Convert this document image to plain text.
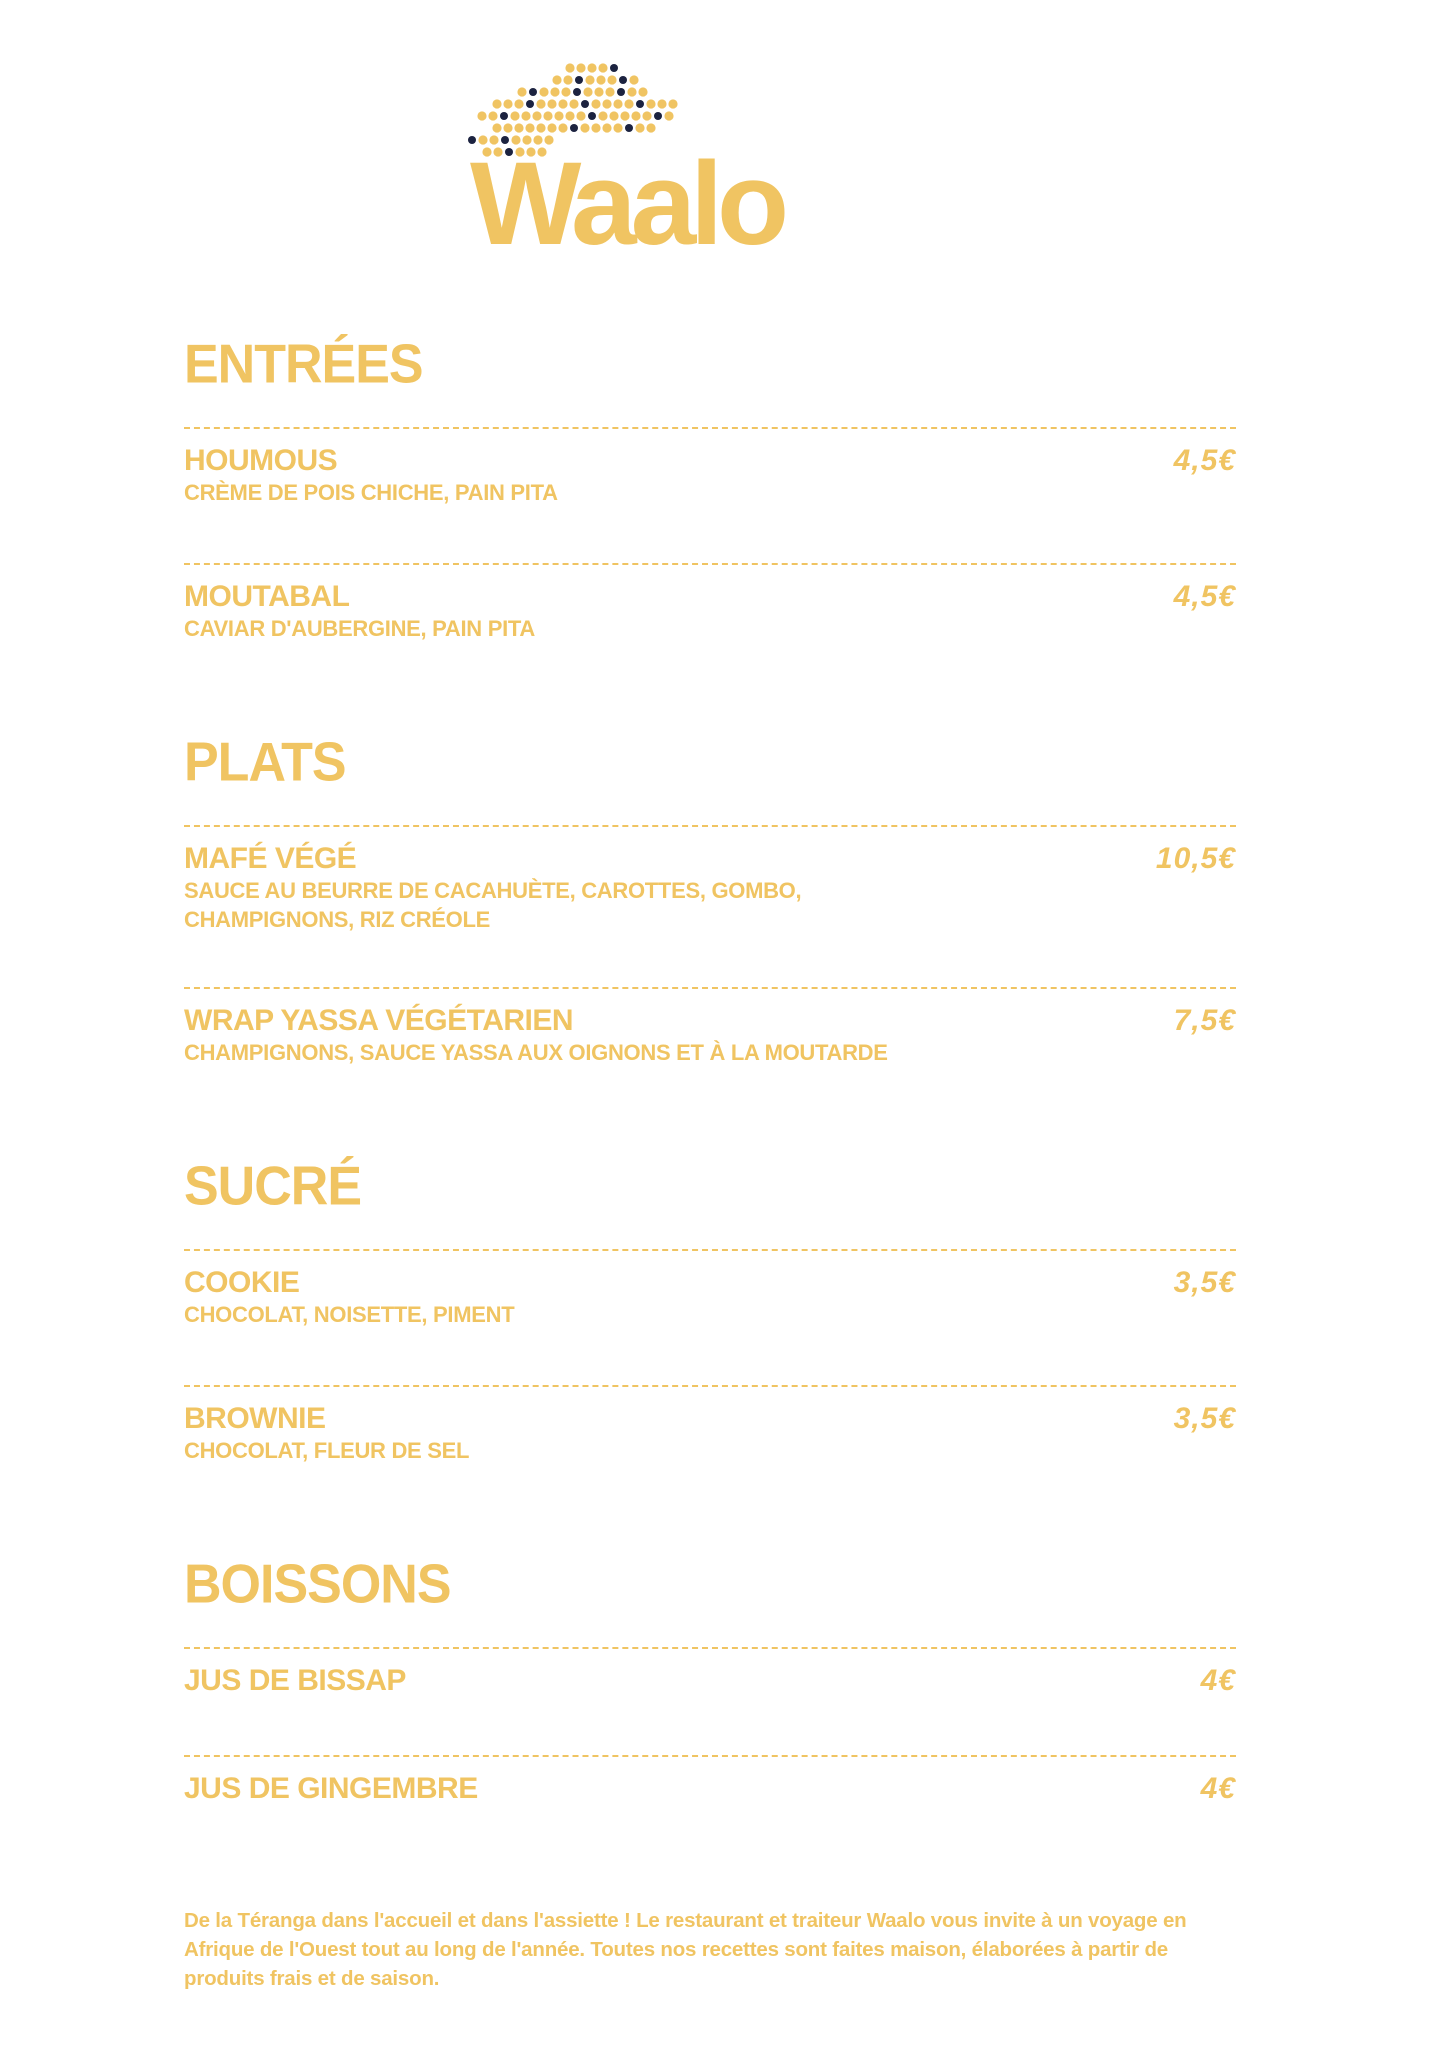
Waalo
ENTRÉES
HOUMOUS
CRÈME DE POIS CHICHE, PAIN PITA
4,5€
MOUTABAL
CAVIAR D'AUBERGINE, PAIN PITA
4,5€
PLATS
MAFÉ VÉGÉ
SAUCE AU BEURRE DE CACAHUÈTE, CAROTTES, GOMBO, CHAMPIGNONS, RIZ CRÉOLE
10,5€
WRAP YASSA VÉGÉTARIEN
CHAMPIGNONS, SAUCE YASSA AUX OIGNONS ET À LA MOUTARDE
7,5€
SUCRÉ
COOKIE
CHOCOLAT, NOISETTE, PIMENT
3,5€
BROWNIE
CHOCOLAT, FLEUR DE SEL
3,5€
BOISSONS
JUS DE BISSAP	4€
JUS DE GINGEMBRE	4€
De la Téranga dans l'accueil et dans l'assiette ! Le restaurant et traiteur Waalo vous invite à un voyage en Afrique de l'Ouest tout au long de l'année. Toutes nos recettes sont faites maison, élaborées à partir de produits frais et de saison.
